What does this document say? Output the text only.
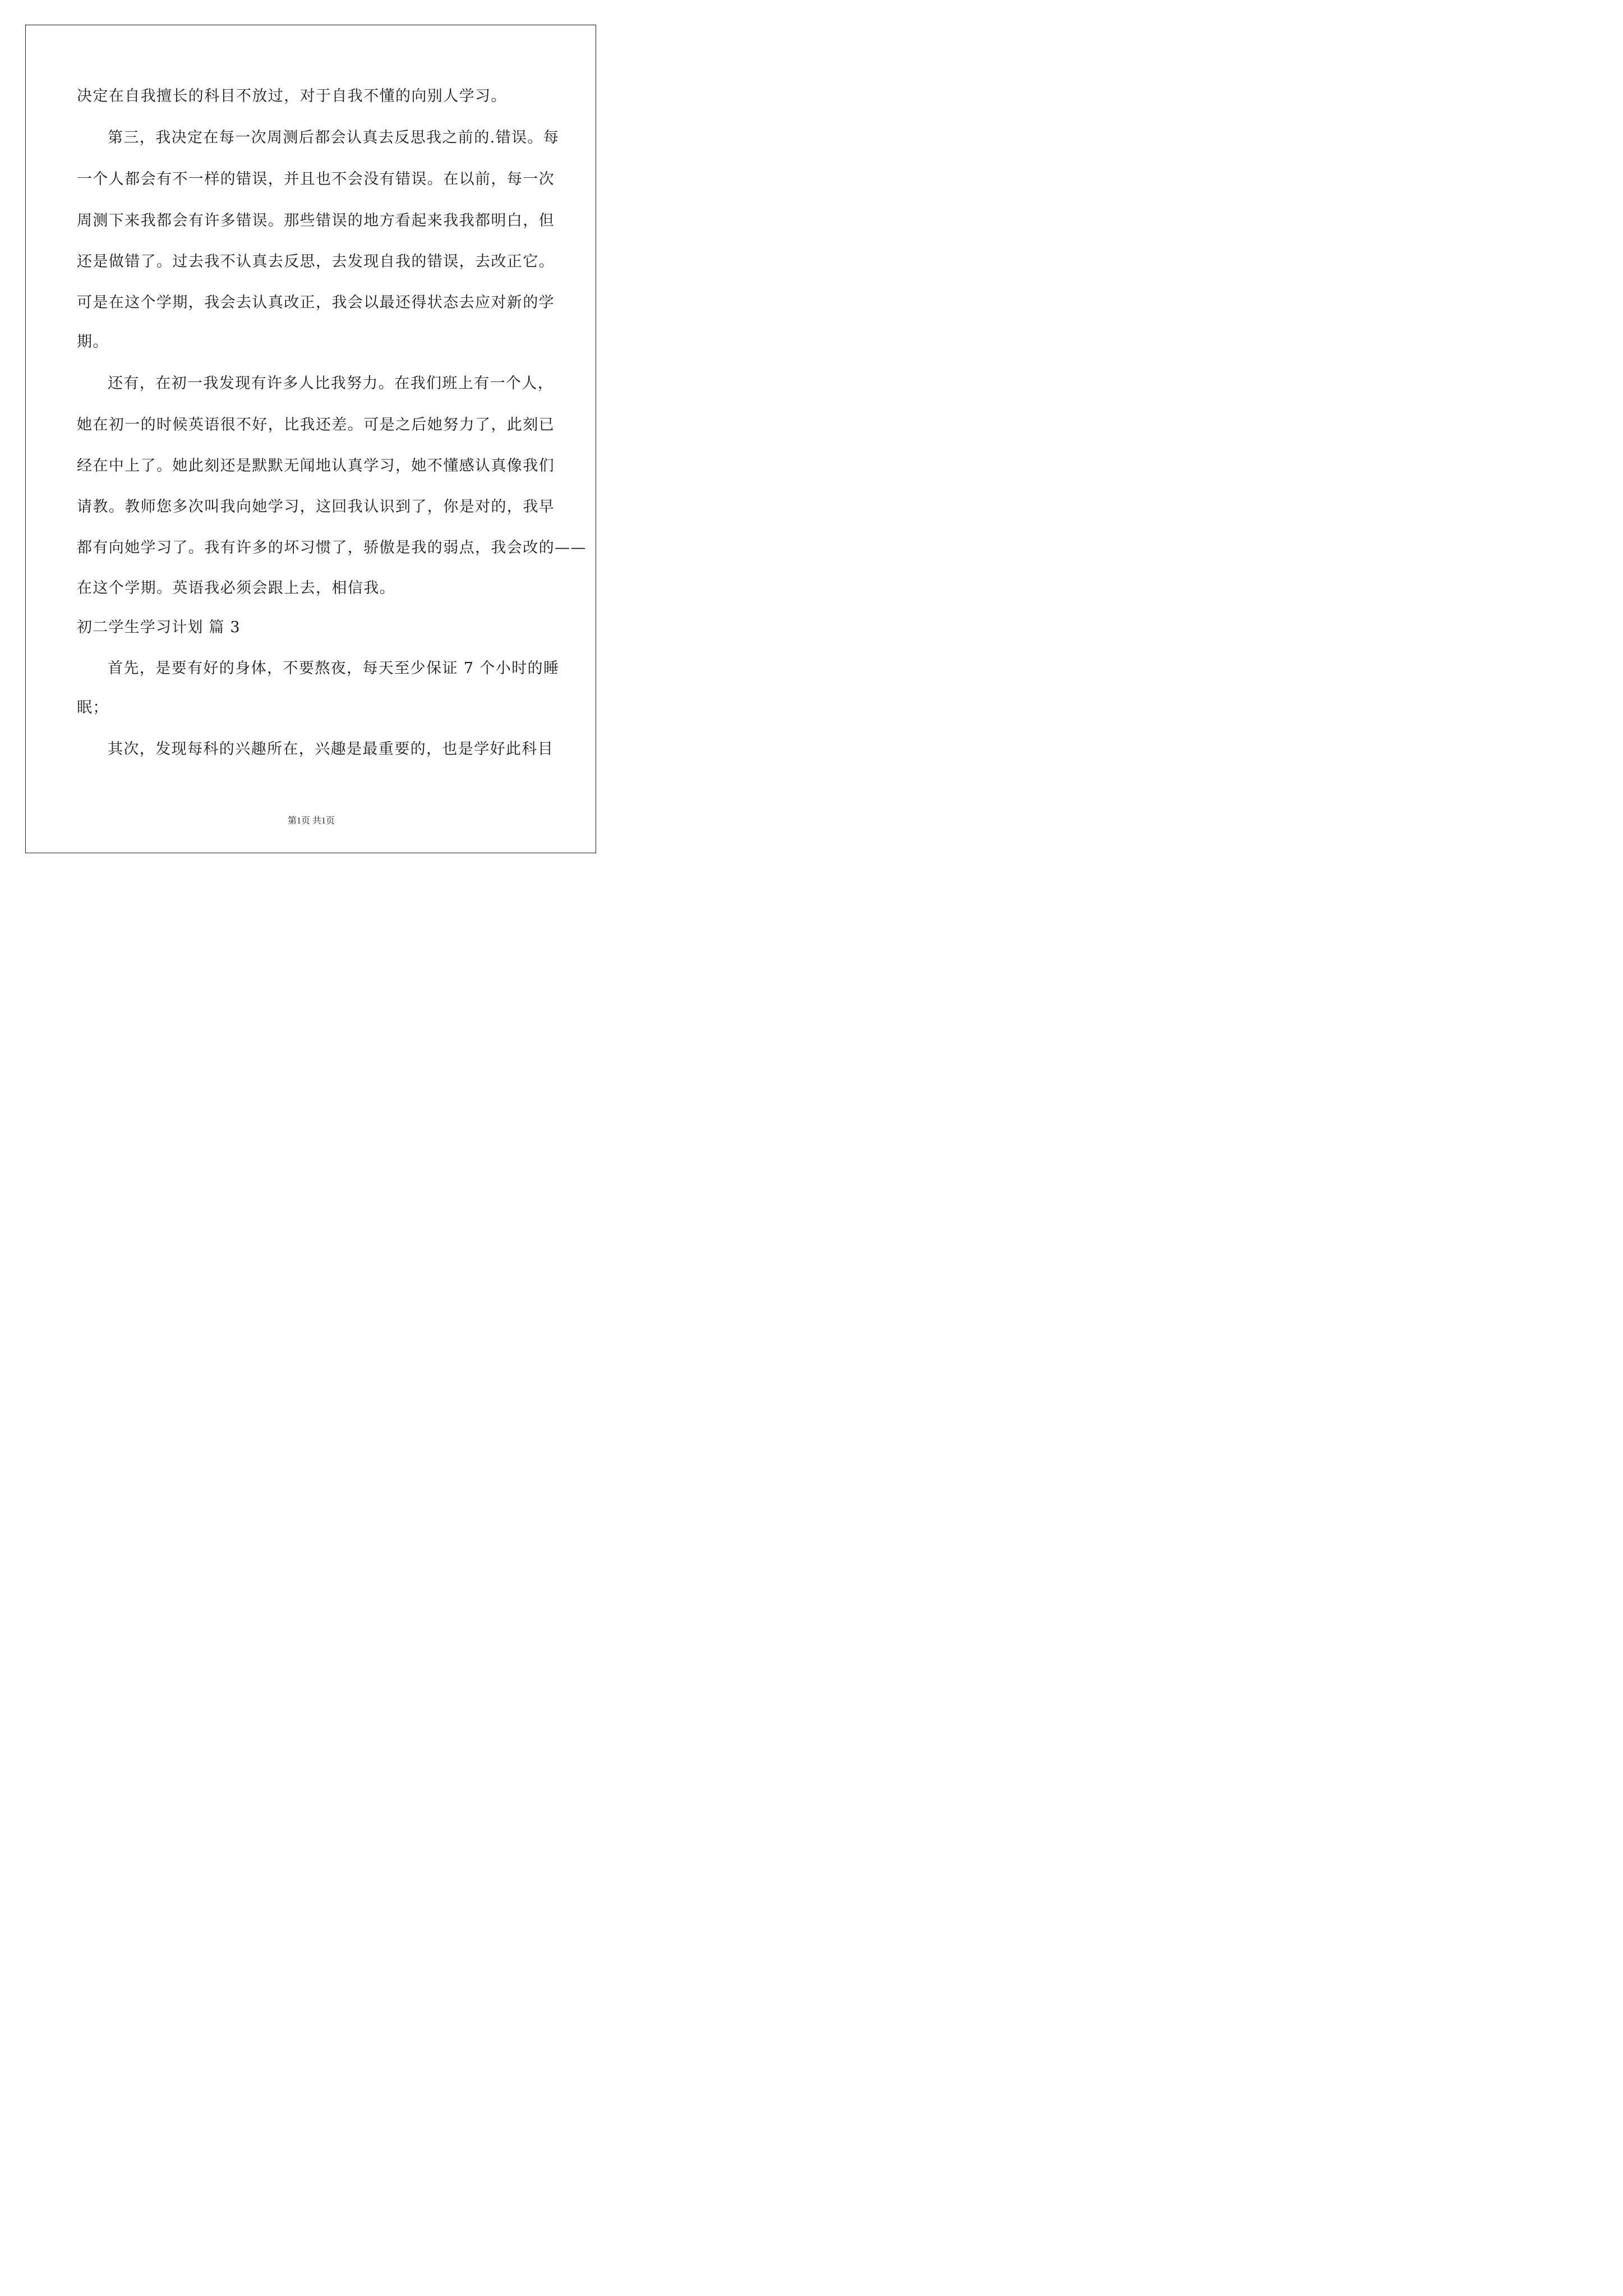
决定在自我擅长的科目不放过，对于自我不懂的向别人学习。
第三，我决定在每一次周测后都会认真去反思我之前的.错误。每
一个人都会有不一样的错误，并且也不会没有错误。在以前，每一次
周测下来我都会有许多错误。那些错误的地方看起来我我都明白，但
还是做错了。过去我不认真去反思，去发现自我的错误，去改正它。
可是在这个学期，我会去认真改正，我会以最还得状态去应对新的学
期。
还有，在初一我发现有许多人比我努力。在我们班上有一个人，
她在初一的时候英语很不好，比我还差。可是之后她努力了，此刻已
经在中上了。她此刻还是默默无闻地认真学习，她不懂感认真像我们
请教。教师您多次叫我向她学习，这回我认识到了，你是对的，我早
都有向她学习了。我有许多的坏习惯了，骄傲是我的弱点，我会改的——
在这个学期。英语我必须会跟上去，相信我。
初二学生学习计划 篇 3
首先，是要有好的身体，不要熬夜，每天至少保证 7 个小时的睡
眠；
其次，发现每科的兴趣所在，兴趣是最重要的，也是学好此科目
第1页 共1页
